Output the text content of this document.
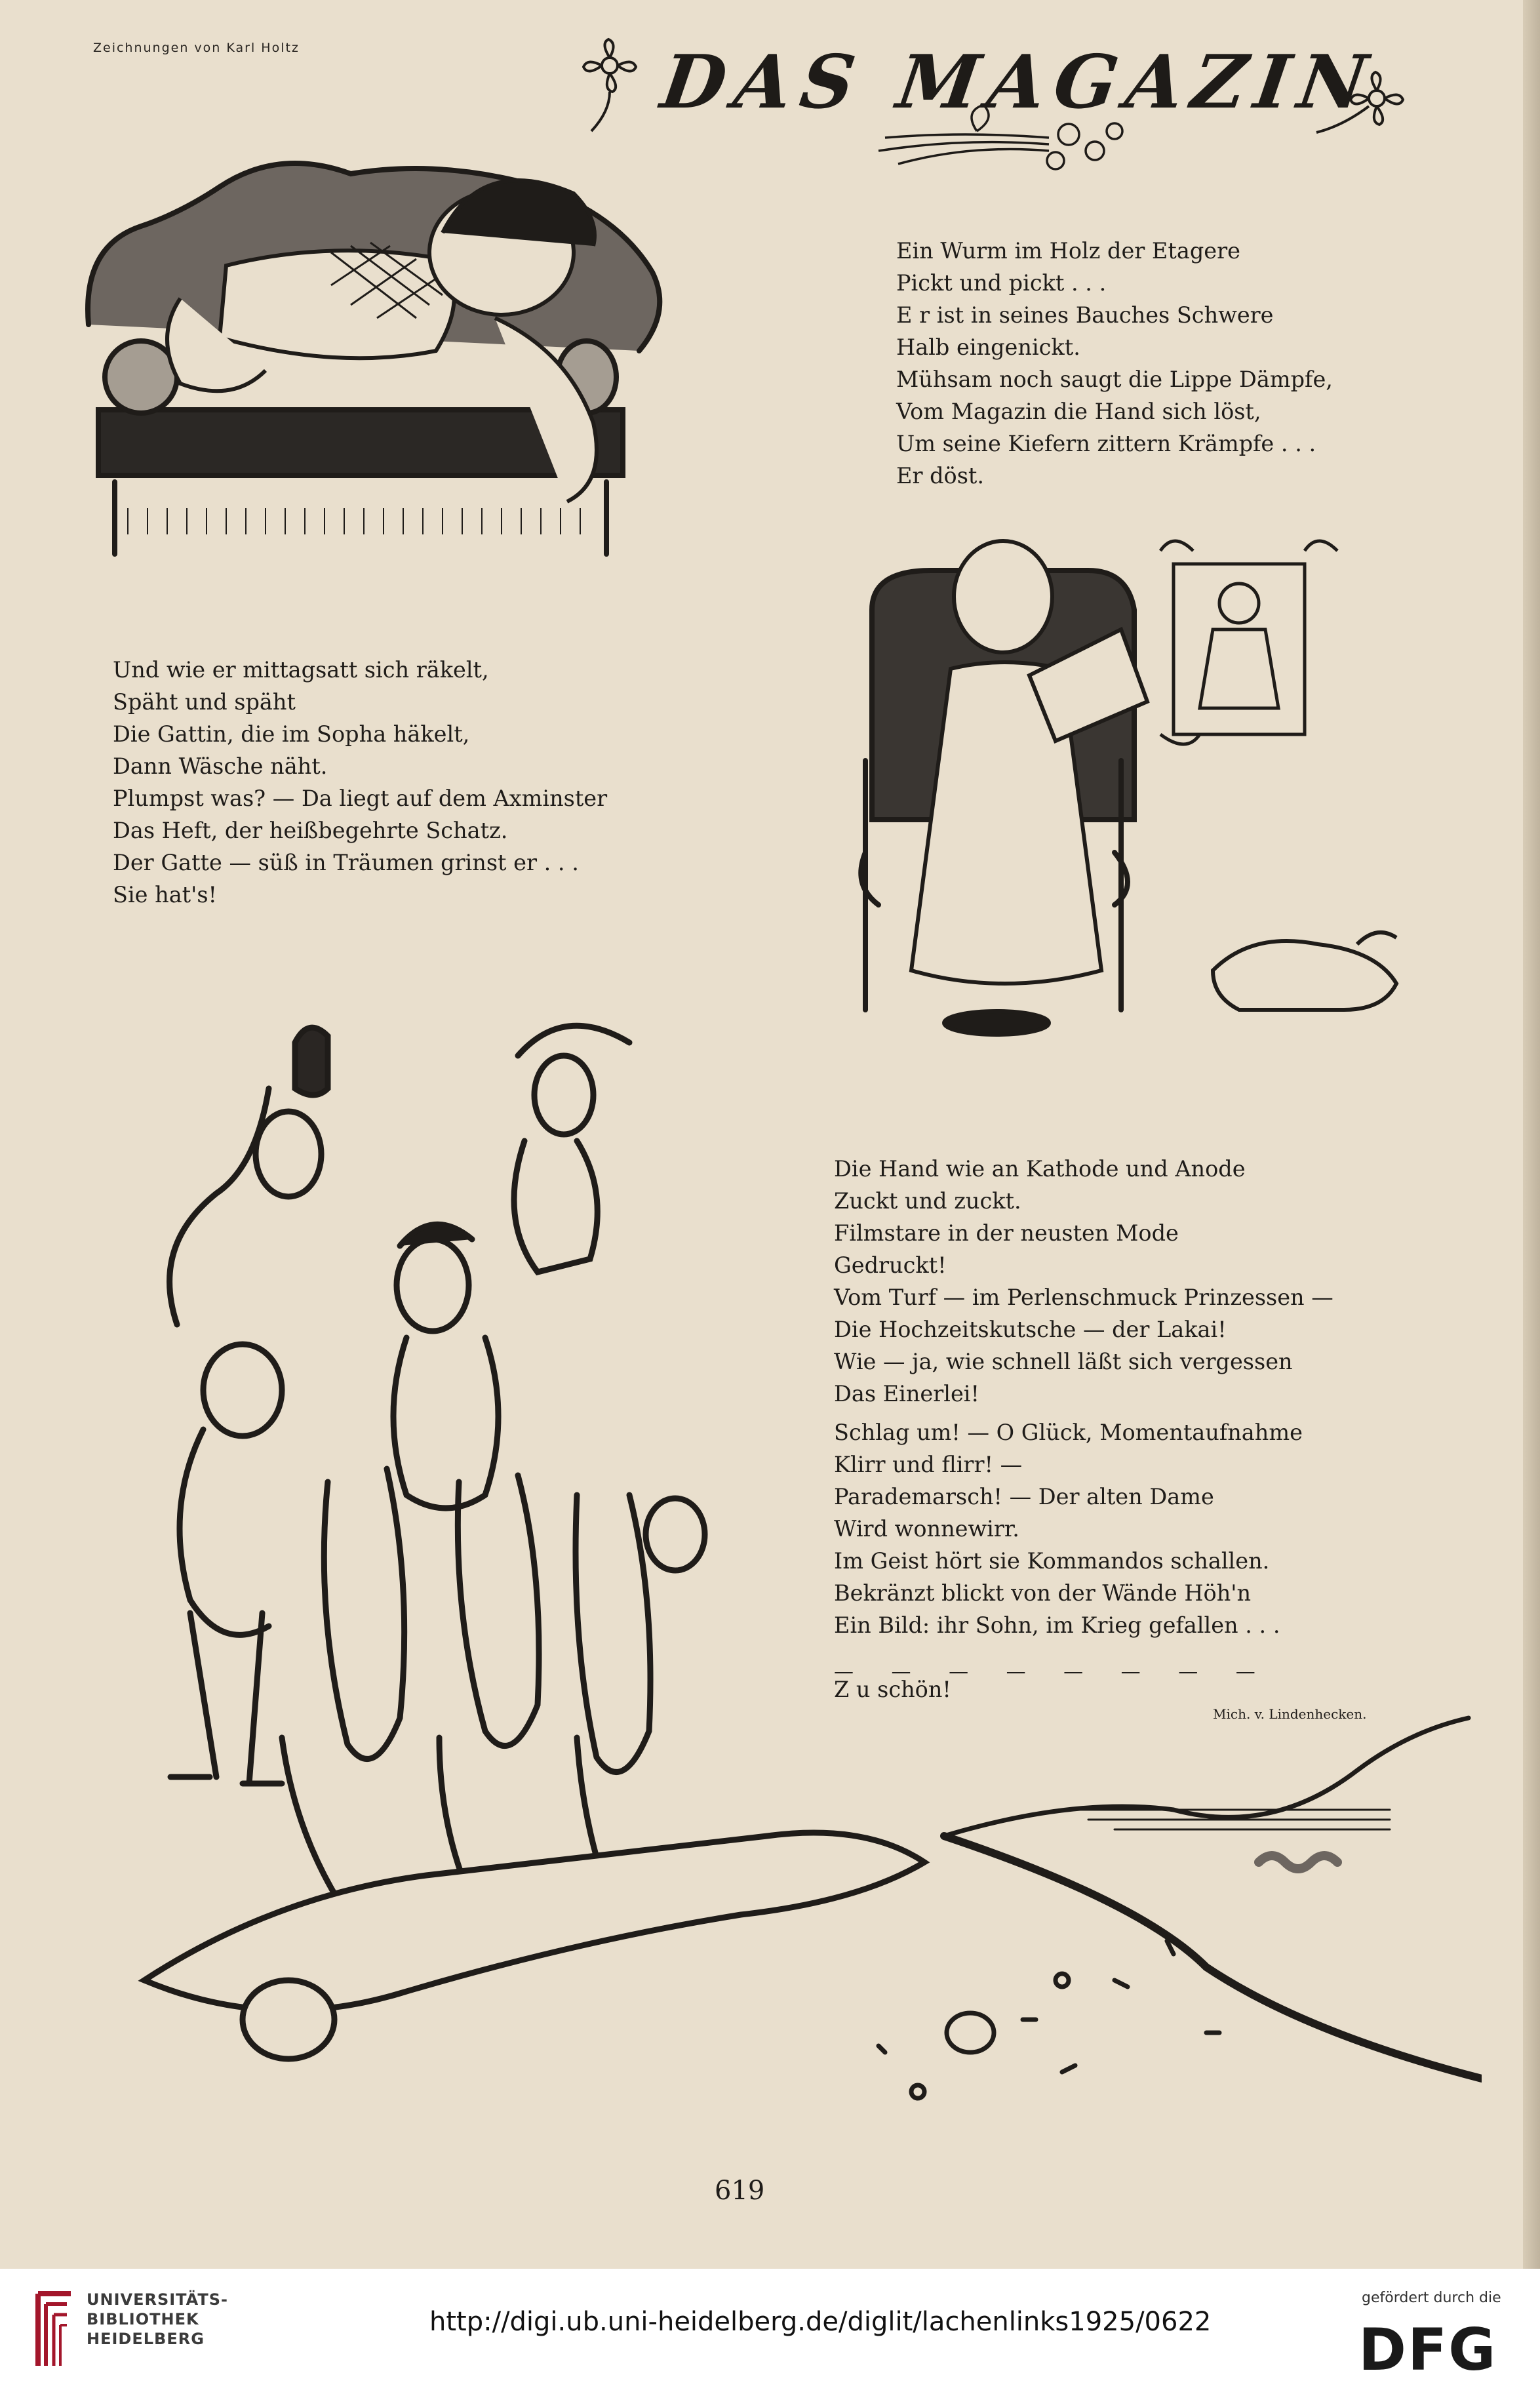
Zeichnungen von Karl Holtz	DAS MAGAZIN
Ein Wurm im Holz der Etagere
Pickt und pickt . . .
E r ist in seines Bauches Schwere
Halb eingenickt.
Mühsam noch saugt die Lippe Dämpfe,
Vom Magazin die Hand sich löst,
Um seine Kiefern zittern Krämpfe . . .
Er döst.
Und wie er mittagsatt sich räkelt,
Späht und späht
Die Gattin, die im Sopha häkelt,
Dann Wäsche näht.
Plumpst was? — Da liegt auf dem Axminster
Das Heft, der heißbegehrte Schatz.
Der Gatte — süß in Träumen grinst er . . .
Sie hat's!
Die Hand wie an Kathode und Anode
Zuckt und zuckt.
Filmstare in der neusten Mode
Gedruckt!
Vom Turf — im Perlenschmuck Prinzessen —
Die Hochzeitskutsche — der Lakai!
Wie — ja, wie schnell läßt sich vergessen
Das Einerlei!
Schlag um! — O Glück, Momentaufnahme
Klirr und flirr! —
Parademarsch! — Der alten Dame
Wird wonnewirr.
Im Geist hört sie Kommandos schallen.
Bekränzt blickt von der Wände Höh'n
Ein Bild: ihr Sohn, im Krieg gefallen . . .
— — — — — — — —
Z u schön!
Mich. v. Lindenhecken.
619
UNIVERSITÄTS-
BIBLIOTHEK
HEIDELBERG
http://digi.ub.uni-heidelberg.de/diglit/lachenlinks1925/0622
gefördert durch die
DFG
